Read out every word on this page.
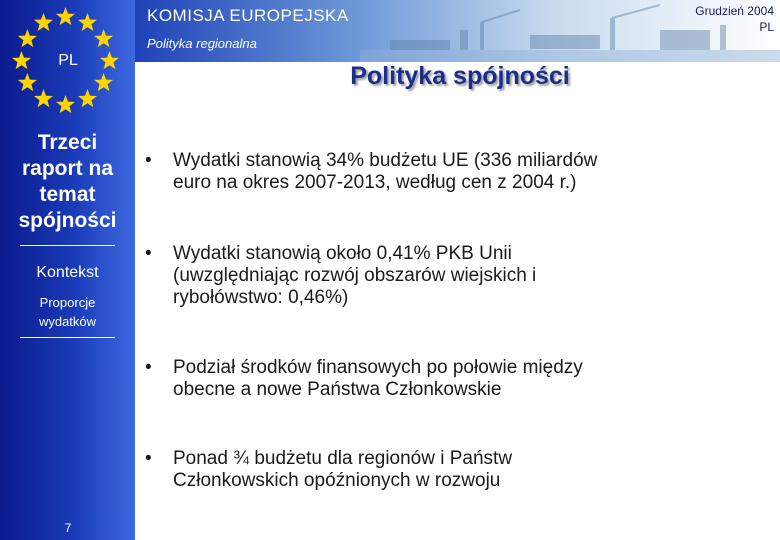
KOMISJA EUROPEJSKA
Polityka regionalna
Grudzień 2004
PL
PL
Trzeci
raport na
temat
spójności
Kontekst
Proporcje
wydatków
7
Polityka spójności
• Wydatki stanowią 34% budżetu UE (336 miliardów
euro na okres 2007-2013, według cen z 2004 r.)
• Wydatki stanowią około 0,41% PKB Unii
(uwzględniając rozwój obszarów wiejskich i
rybołówstwo: 0,46%)
• Podział środków finansowych po połowie między
obecne a nowe Państwa Członkowskie
• Ponad ¾ budżetu dla regionów i Państw
Członkowskich opóźnionych w rozwoju
